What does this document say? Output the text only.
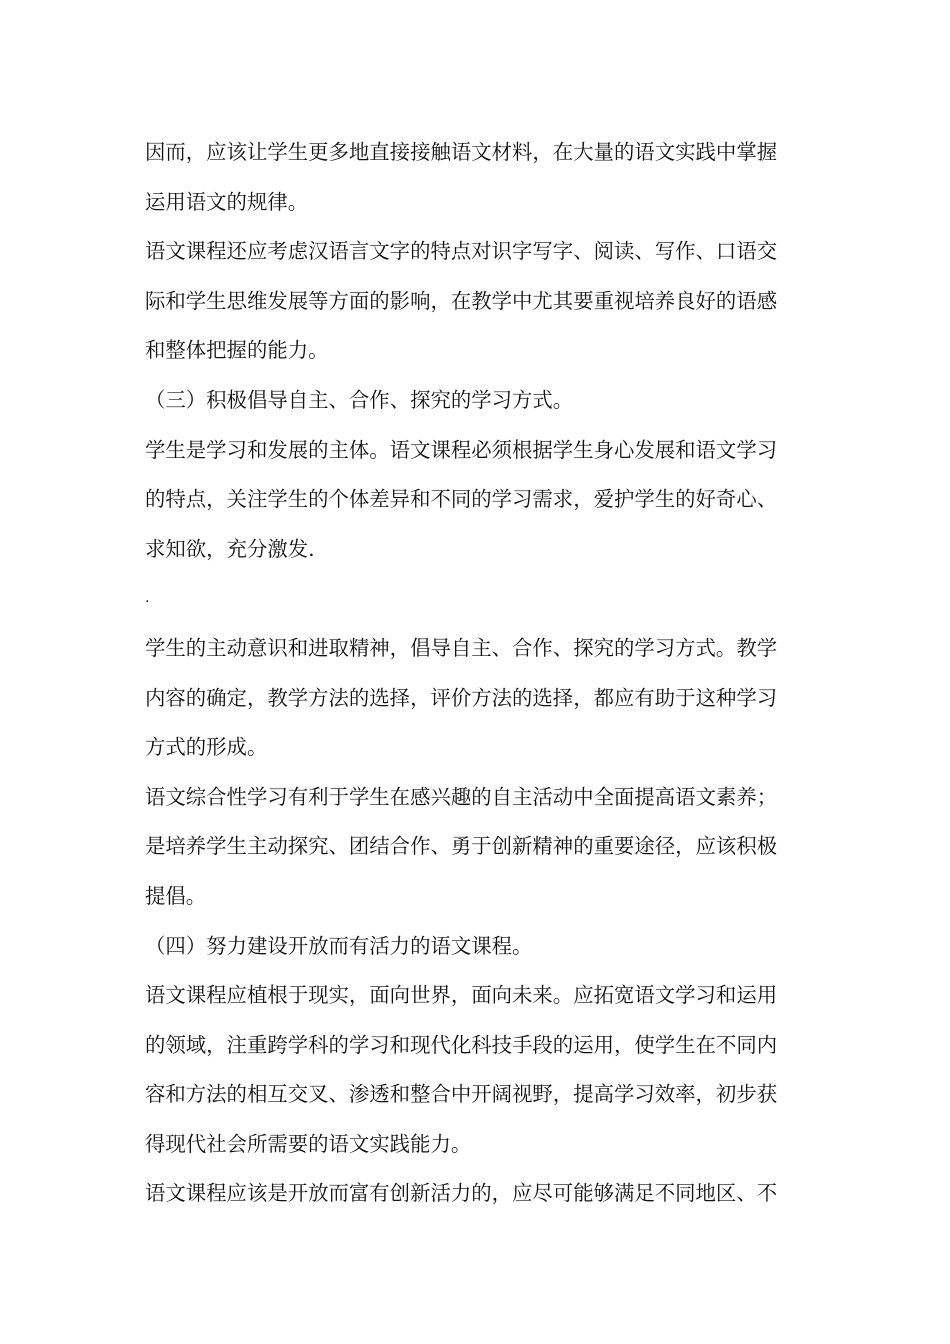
因而，应该让学生更多地直接接触语文材料，在大量的语文实践中掌握
运用语文的规律。
语文课程还应考虑汉语言文字的特点对识字写字、阅读、写作、口语交
际和学生思维发展等方面的影响，在教学中尤其要重视培养良好的语感
和整体把握的能力。
（三）积极倡导自主、合作、探究的学习方式。
学生是学习和发展的主体。语文课程必须根据学生身心发展和语文学习
的特点，关注学生的个体差异和不同的学习需求，爱护学生的好奇心、
求知欲，充分激发.
.
学生的主动意识和进取精神，倡导自主、合作、探究的学习方式。教学
内容的确定，教学方法的选择，评价方法的选择，都应有助于这种学习
方式的形成。
语文综合性学习有利于学生在感兴趣的自主活动中全面提高语文素养；
是培养学生主动探究、团结合作、勇于创新精神的重要途径，应该积极
提倡。
（四）努力建设开放而有活力的语文课程。
语文课程应植根于现实，面向世界，面向未来。应拓宽语文学习和运用
的领域，注重跨学科的学习和现代化科技手段的运用，使学生在不同内
容和方法的相互交叉、渗透和整合中开阔视野，提高学习效率，初步获
得现代社会所需要的语文实践能力。
语文课程应该是开放而富有创新活力的，应尽可能够满足不同地区、不
